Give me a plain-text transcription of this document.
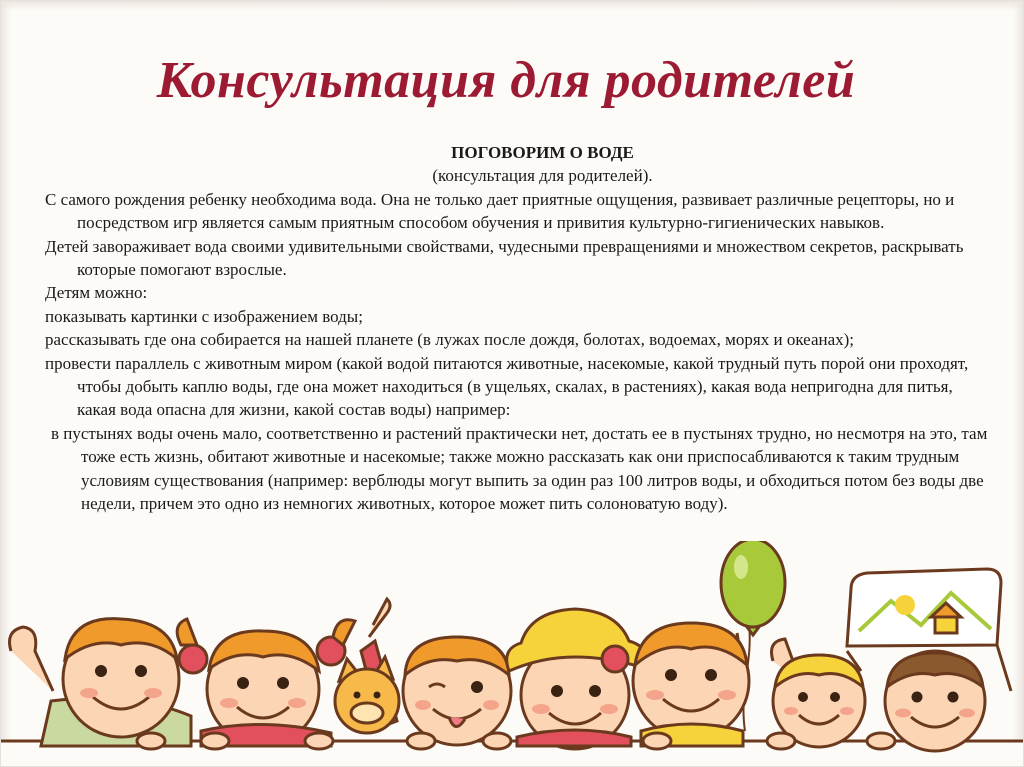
Консультация для родителей
ПОГОВОРИМ О ВОДЕ
(консультация для родителей).

С самого рождения ребенку необходима вода. Она не только дает приятные ощущения, развивает различные рецепторы, но и посредством игр является самым приятным способом обучения и привития культурно-гигиенических навыков.

Детей завораживает вода своими удивительными свойствами, чудесными превращениями и множеством секретов, раскрывать которые помогают взрослые.

Детям можно:

показывать картинки с изображением воды;

рассказывать где она собирается на нашей планете (в лужах после дождя, болотах, водоемах, морях и океанах);

провести параллель с животным миром (какой водой питаются животные, насекомые, какой трудный путь порой они проходят, чтобы добыть каплю воды, где она может находиться (в ущельях, скалах, в растениях), какая вода непригодна для питья, какая вода опасна для жизни, какой состав воды) например:

в пустынях воды очень мало, соответственно и растений практически нет, достать ее в пустынях трудно, но несмотря на это, там тоже есть жизнь, обитают животные и насекомые; также можно рассказать как они приспосабливаются к таким трудным условиям существования (например: верблюды могут выпить за один раз 100 литров воды, и обходиться потом без воды две недели, причем это одно из немногих животных, которое может пить солоноватую воду).
